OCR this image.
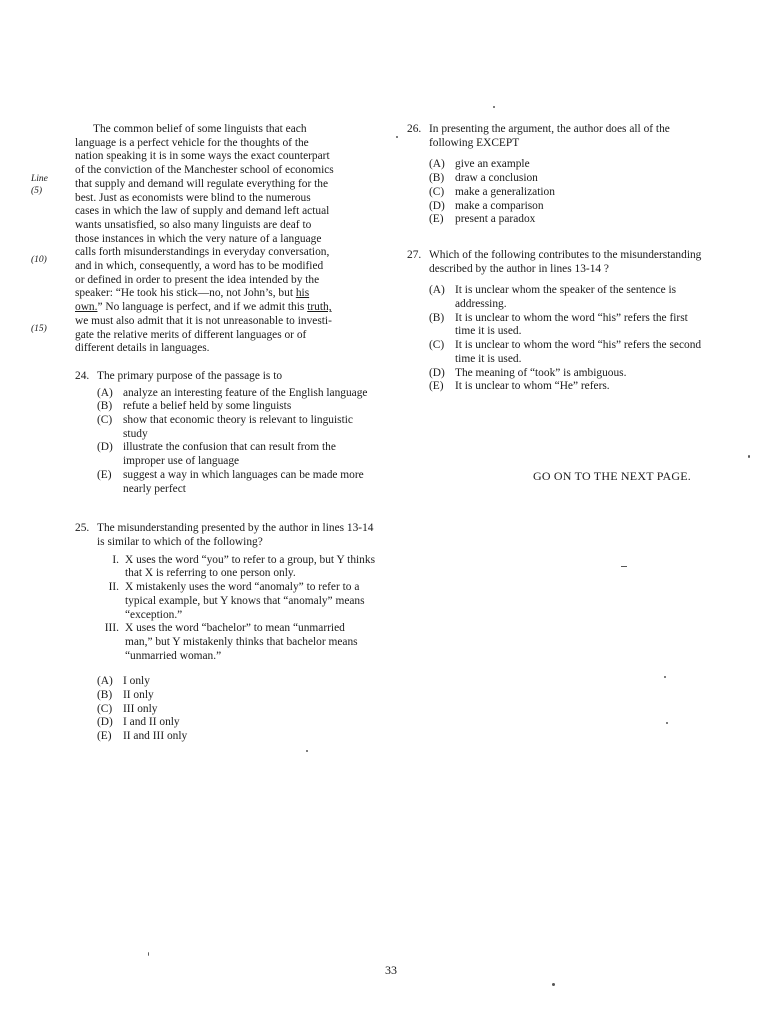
Line
(5)
(10)
(15)
The common belief of some linguists that each
language is a perfect vehicle for the thoughts of the
nation speaking it is in some ways the exact counterpart
of the conviction of the Manchester school of economics
that supply and demand will regulate everything for the
best. Just as economists were blind to the numerous
cases in which the law of supply and demand left actual
wants unsatisfied, so also many linguists are deaf to
those instances in which the very nature of a language
calls forth misunderstandings in everyday conversation,
and in which, consequently, a word has to be modified
or defined in order to present the idea intended by the
speaker: “He took his stick—no, not John’s, but his
own.” No language is perfect, and if we admit this truth,
we must also admit that it is not unreasonable to investi-
gate the relative merits of different languages or of
different details in languages.
24. The primary purpose of the passage is to
(A) analyze an interesting feature of the English language
(B) refute a belief held by some linguists
(C) show that economic theory is relevant to linguistic study
(D) illustrate the confusion that can result from the improper use of language
(E)	suggest a way in which languages can be made more nearly perfect
25. The misunderstanding presented by the author in lines 13-14 is similar to which of the following?
I. X uses the word “you” to refer to a group, but Y thinks that X is referring to one person only.
II. X mistakenly uses the word “anomaly” to refer to a typical example, but Y knows that “anomaly” means “exception.”
III. X uses the word “bachelor” to mean “unmarried man,” but Y mistakenly thinks that bachelor means “unmarried woman.”
(A) I only
(B) II only
(C) III only
(D) I and II only
(E)	II and III only
26. In presenting the argument, the author does all of the following EXCEPT
(A) give an example
(B) draw a conclusion
(C) make a generalization
(D) make a comparison
(E)	present a paradox
27. Which of the following contributes to the misunderstanding described by the author in lines 13-14 ?
(A) It is unclear whom the speaker of the sentence is addressing.
(B) It is unclear to whom the word “his” refers the first time it is used.
(C) It is unclear to whom the word “his” refers the second time it is used.
(D) The meaning of “took” is ambiguous.
(E)	It is unclear to whom “He” refers.
GO ON TO THE NEXT PAGE.
33
